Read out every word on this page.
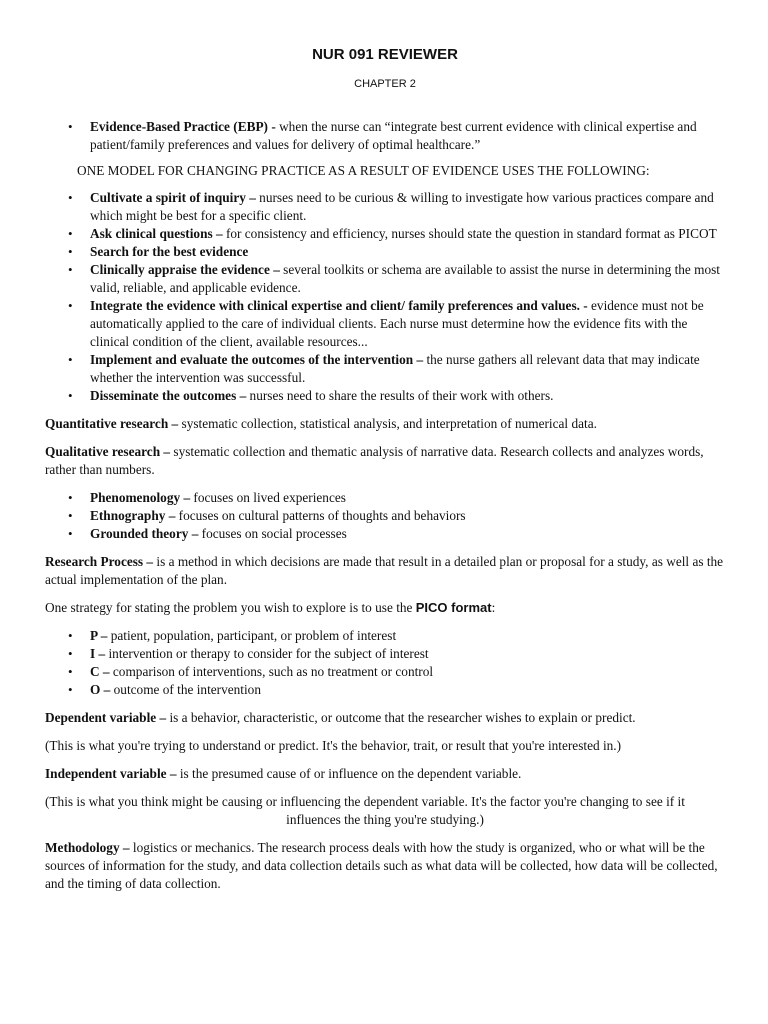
NUR 091 REVIEWER
CHAPTER 2
• Evidence-Based Practice (EBP) - when the nurse can “integrate best current evidence with clinical expertise and patient/family preferences and values for delivery of optimal healthcare.”
ONE MODEL FOR CHANGING PRACTICE AS A RESULT OF EVIDENCE USES THE FOLLOWING:
• Cultivate a spirit of inquiry – nurses need to be curious & willing to investigate how various practices compare and which might be best for a specific client.
• Ask clinical questions – for consistency and efficiency, nurses should state the question in standard format as PICOT
• Search for the best evidence
• Clinically appraise the evidence – several toolkits or schema are available to assist the nurse in determining the most valid, reliable, and applicable evidence.
• Integrate the evidence with clinical expertise and client/ family preferences and values. - evidence must not be automatically applied to the care of individual clients. Each nurse must determine how the evidence fits with the clinical condition of the client, available resources...
• Implement and evaluate the outcomes of the intervention – the nurse gathers all relevant data that may indicate whether the intervention was successful.
• Disseminate the outcomes – nurses need to share the results of their work with others.

Quantitative research – systematic collection, statistical analysis, and interpretation of numerical data.

Qualitative research – systematic collection and thematic analysis of narrative data. Research collects and analyzes words, rather than numbers.

• Phenomenology – focuses on lived experiences
• Ethnography – focuses on cultural patterns of thoughts and behaviors
• Grounded theory – focuses on social processes

Research Process – is a method in which decisions are made that result in a detailed plan or proposal for a study, as well as the actual implementation of the plan.

One strategy for stating the problem you wish to explore is to use the PICO format:

• P – patient, population, participant, or problem of interest
• I – intervention or therapy to consider for the subject of interest
• C – comparison of interventions, such as no treatment or control
• O – outcome of the intervention

Dependent variable – is a behavior, characteristic, or outcome that the researcher wishes to explain or predict.

(This is what you're trying to understand or predict. It's the behavior, trait, or result that you're interested in.)

Independent variable – is the presumed cause of or influence on the dependent variable.

(This is what you think might be causing or influencing the dependent variable. It's the factor you're changing to see if it
influences the thing you're studying.)

Methodology – logistics or mechanics. The research process deals with how the study is organized, who or what will be the sources of information for the study, and data collection details such as what data will be collected, how data will be collected, and the timing of data collection.
